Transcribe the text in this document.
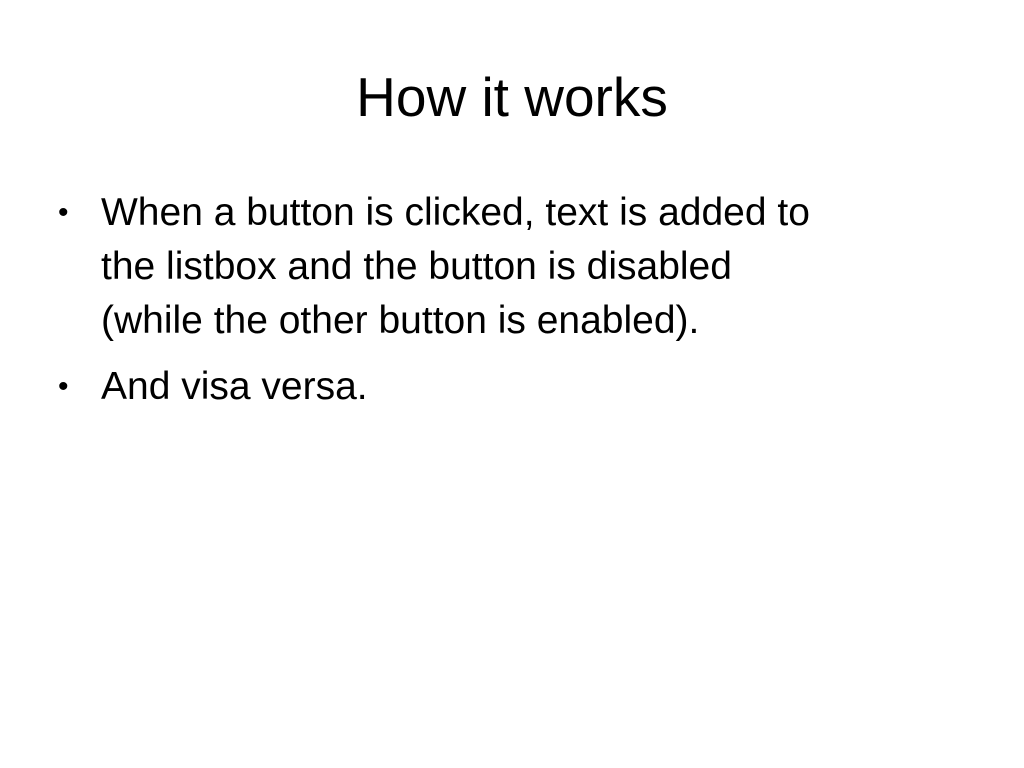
How it works
• When a button is clicked, text is added to
the listbox and the button is disabled
(while the other button is enabled).
• And visa versa.
